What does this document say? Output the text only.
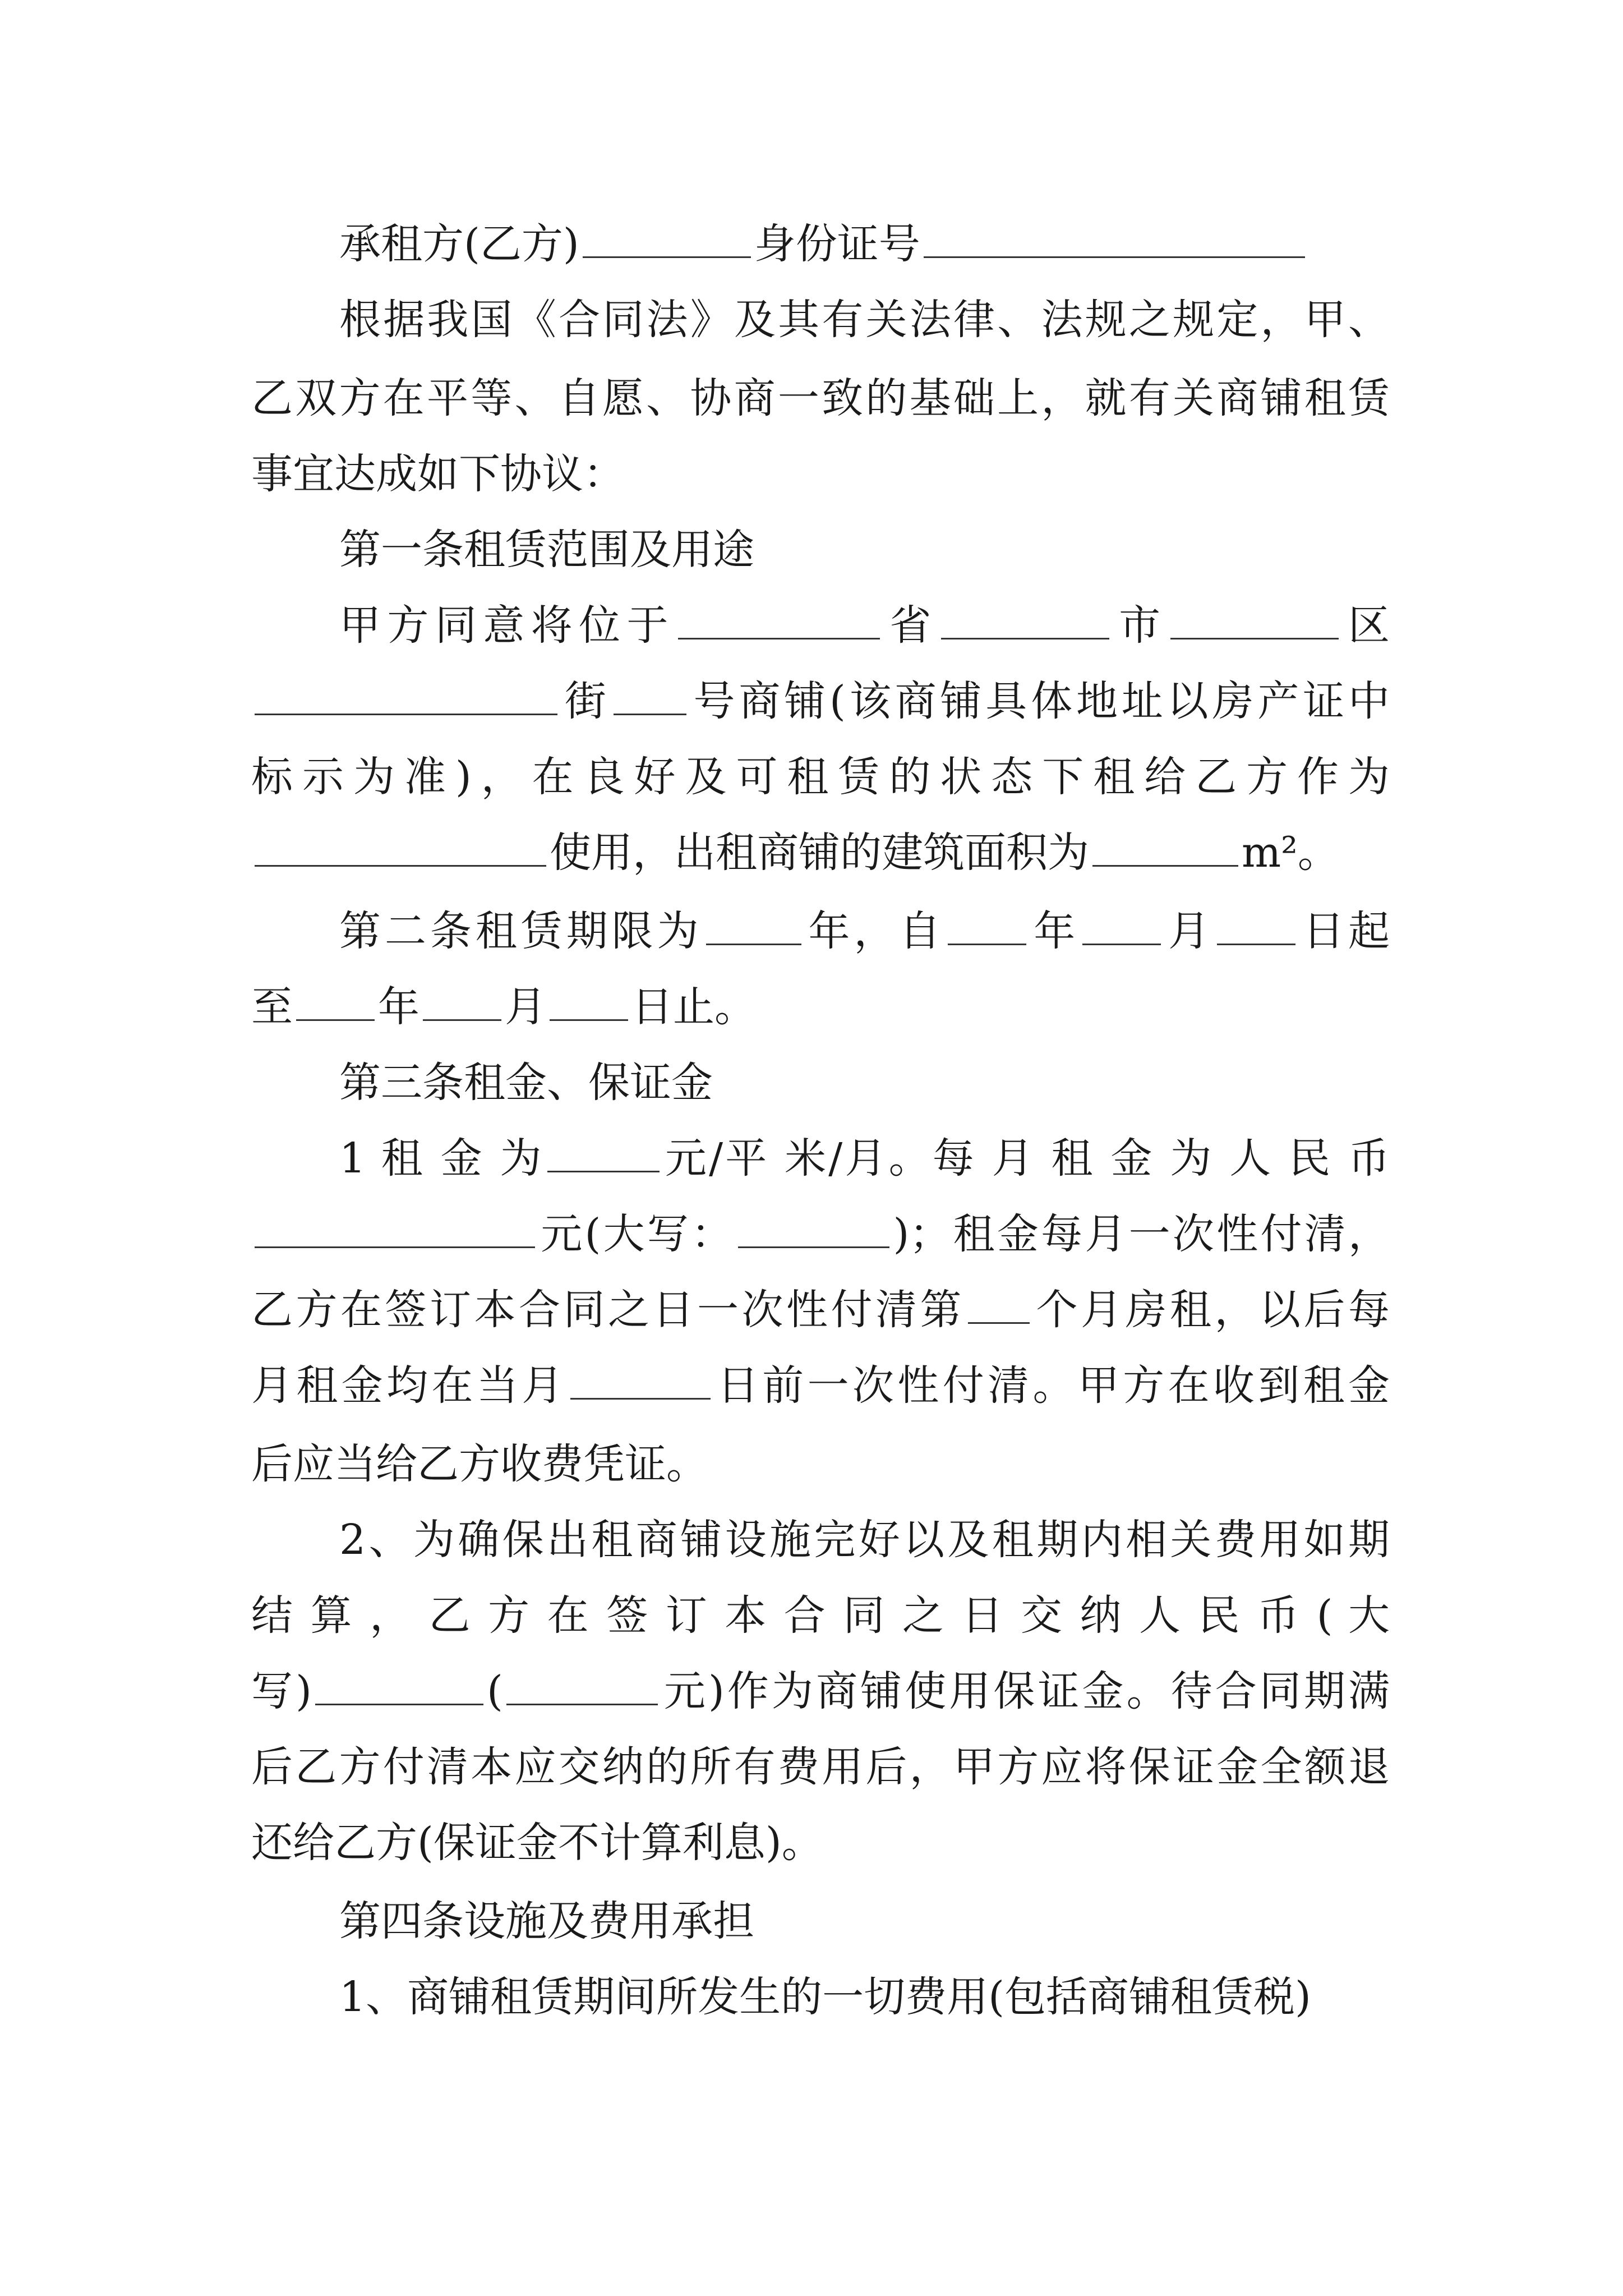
承租方(乙方)	身份证号
根据我国《合同法》及其有关法律、法规之规定，甲、
乙双方在平等、自愿、协商一致的基础上，就有关商铺租赁
事宜达成如下协议：
第一条租赁范围及用途
甲方同意将位于	省	市	区
街 号商铺(该商铺具体地址以房产证中
标示为准)，在良好及可租赁的状态下租给乙方作为
使用，出租商铺的建筑面积为	m²。
第二条租赁期限为 年，自 年 月 日起
至 年 月 日止。
第三条租金、保证金
1 租 金 为	元/平 米/月。每 月 租 金 为 人 民 币
元(大写：	)；租金每月一次性付清，
乙方在签订本合同之日一次性付清第 个月房租，以后每
月租金均在当月	日前一次性付清。甲方在收到租金
后应当给乙方收费凭证。
2、为确保出租商铺设施完好以及租期内相关费用如期
结 算 ， 乙 方 在 签 订 本 合 同 之 日 交 纳 人 民 币 ( 大
写)	(	元)作为商铺使用保证金。待合同期满
后乙方付清本应交纳的所有费用后，甲方应将保证金全额退
还给乙方(保证金不计算利息)。
第四条设施及费用承担
1、商铺租赁期间所发生的一切费用(包括商铺租赁税)
